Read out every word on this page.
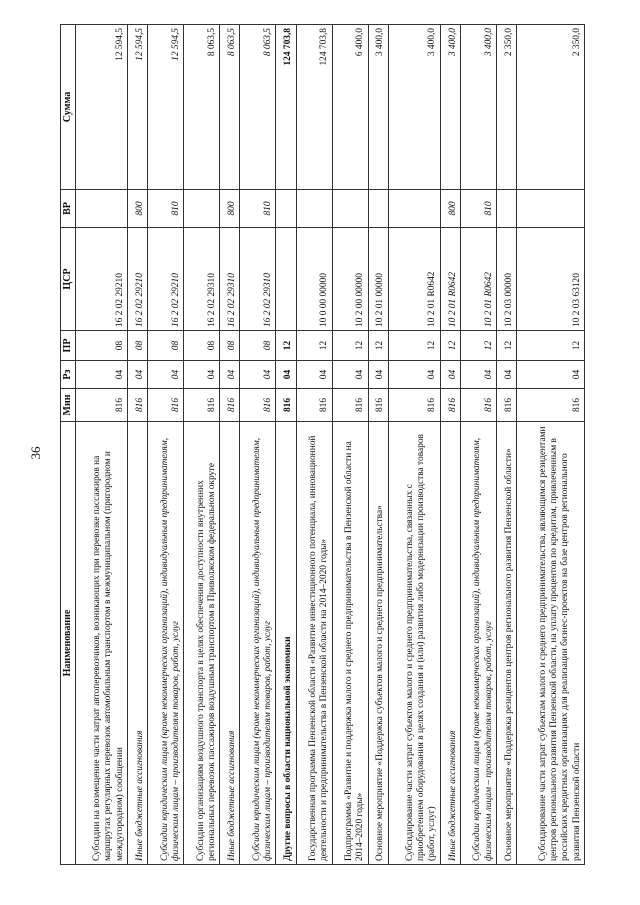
36
Наименование	Мин	Рз	ПР	ЦСР	ВР	Сумма
Субсидии на возмещение части затрат автоперевозчиков, возникающих при перевозке пассажиров на маршрутах регулярных перевозок автомобильным транспортом в межмуниципальном (пригородном и междугородном) сообщении	816	04	08	16 2 02 29210		12 594,5
Иные бюджетные ассигнования	816	04	08	16 2 02 29210	800	12 594,5
Субсидии юридическим лицам (кроме некоммерческих организаций), индивидуальным предпринимателям, физическим лицам – производителям товаров, работ, услуг	816	04	08	16 2 02 29210	810	12 594,5
Субсидии организациям воздушного транспорта в целях обеспечения доступности внутренних региональных перевозок пассажиров воздушным транспортом в Приволжском федеральном округе	816	04	08	16 2 02 29310		8 063,5
Иные бюджетные ассигнования	816	04	08	16 2 02 29310	800	8 063,5
Субсидии юридическим лицам (кроме некоммерческих организаций), индивидуальным предпринимателям, физическим лицам – производителям товаров, работ, услуг	816	04	08	16 2 02 29310	810	8 063,5
Другие вопросы в области национальной экономики	816	04	12			124 703,8
Государственная программа Пензенской области «Развитие инвестиционного потенциала, инновационной деятельности и предпринимательства в Пензенской области на 2014–2020 годы»	816	04	12	10 0 00 00000		124 703,8
Подпрограмма «Развитие и поддержка малого и среднего предпринимательства в Пензенской области на 2014–2020 годы»	816	04	12	10 2 00 00000		6 400,0
Основное мероприятие «Поддержка субъектов малого и среднего предпринимательства»	816	04	12	10 2 01 00000		3 400,0
Субсидирование части затрат субъектов малого и среднего предпринимательства, связанных с приобретением оборудования в целях создания и (или) развития либо модернизации производства товаров (работ, услуг)	816	04	12	10 2 01 R0642		3 400,0
Иные бюджетные ассигнования	816	04	12	10 2 01 R0642	800	3 400,0
Субсидии юридическим лицам (кроме некоммерческих организаций), индивидуальным предпринимателям, физическим лицам – производителям товаров, работ, услуг	816	04	12	10 2 01 R0642	810	3 400,0
Основное мероприятие «Поддержка резидентов центров регионального развития Пензенской области»	816	04	12	10 2 03 00000		2 350,0
Субсидирование части затрат субъектам малого и среднего предпринимательства, являющимся резидентами центров регионального развития Пензенской области, на уплату процентов по кредитам, привлеченным в российских кредитных организациях для реализации бизнес-проектов на базе центров регионального развития Пензенской области	816	04	12	10 2 03 63120		2 350,0
